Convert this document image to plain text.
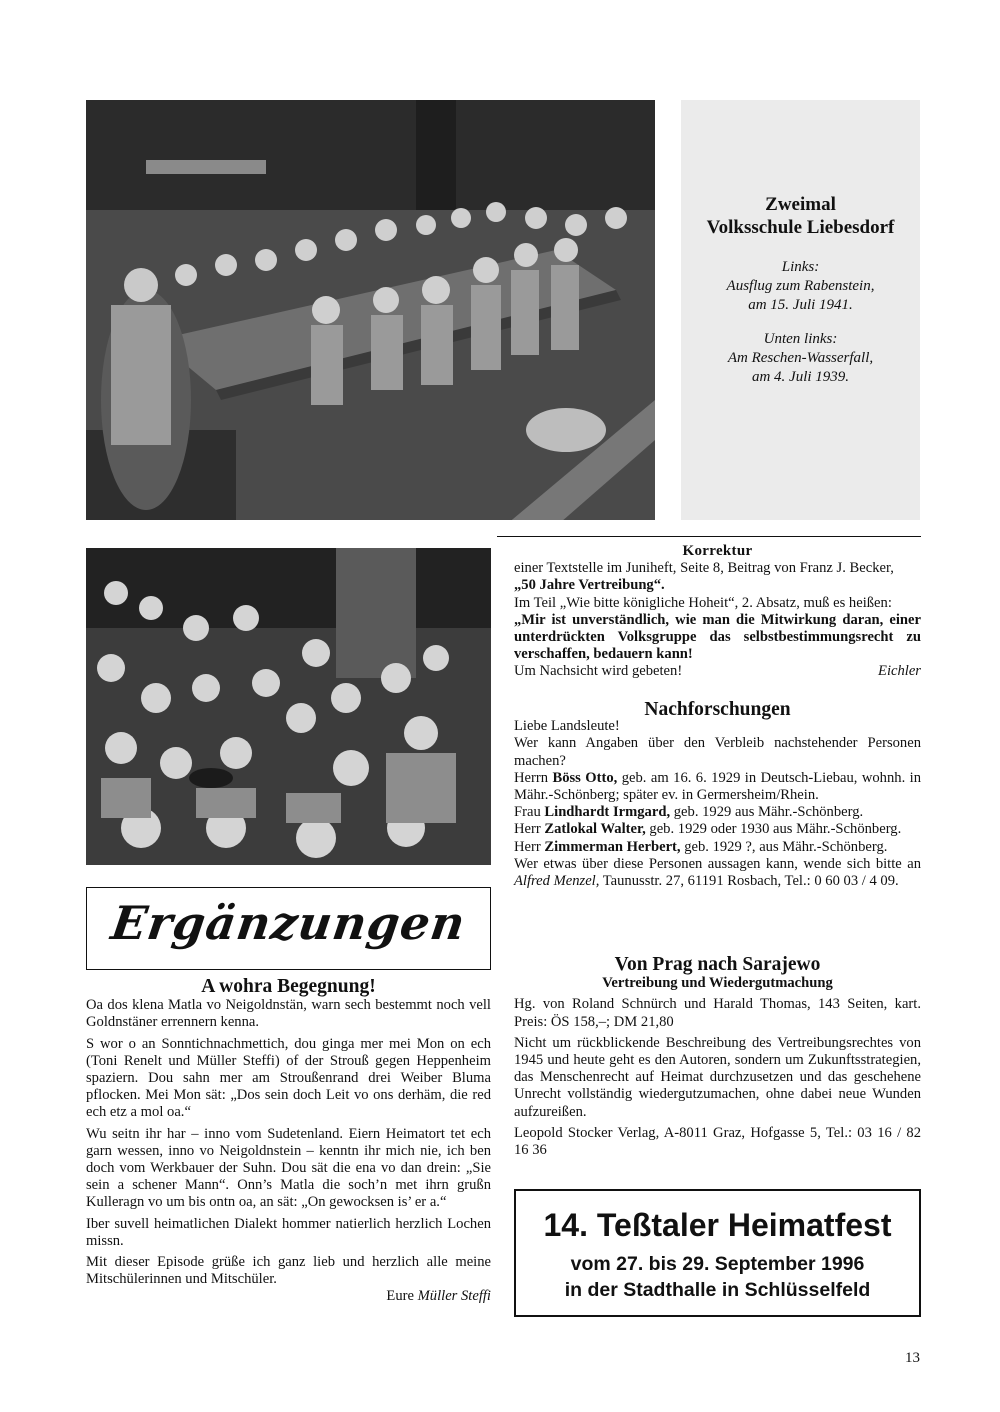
Zweimal
Volksschule Liebesdorf
Links:
Ausflug zum Rabenstein,
am 15. Juli 1941.
Unten links:
Am Reschen-Wasserfall,
am 4. Juli 1939.
Korrektur
einer Textstelle im Juniheft, Seite 8, Beitrag von Franz J. Becker,
„50 Jahre Vertreibung“.
Im Teil „Wie bitte königliche Hoheit“, 2. Absatz, muß es heißen:
„Mir ist unverständlich, wie man die Mitwirkung daran, einer unterdrückten Volksgruppe das selbstbestimmungsrecht zu verschaffen, bedauern kann!
Um Nachsicht wird gebeten!	Eichler
Nachforschungen
Liebe Landsleute!
Wer kann Angaben über den Verbleib nachstehender Personen machen?
Herrn Böss Otto, geb. am 16. 6. 1929 in Deutsch-Liebau, wohnh. in Mähr.-Schönberg; später ev. in Germersheim/Rhein.
Frau Lindhardt Irmgard, geb. 1929 aus Mähr.-Schönberg.
Herr Zatlokal Walter, geb. 1929 oder 1930 aus Mähr.-Schönberg.
Herr Zimmerman Herbert, geb. 1929 ?, aus Mähr.-Schönberg.
Wer etwas über diese Personen aussagen kann, wende sich bitte an Alfred Menzel, Taunusstr. 27, 61191 Rosbach, Tel.: 0 60 03 / 4 09.
Von Prag nach Sarajewo
Vertreibung und Wiedergutmachung
Hg. von Roland Schnürch und Harald Thomas, 143 Seiten, kart. Preis: ÖS 158,–; DM 21,80
Nicht um rückblickende Beschreibung des Vertreibungsrechtes von 1945 und heute geht es den Autoren, sondern um Zukunftsstrategien, das Menschenrecht auf Heimat durchzusetzen und das geschehene Unrecht vollständig wiedergutzumachen, ohne dabei neue Wunden aufzureißen.
Leopold Stocker Verlag, A-8011 Graz, Hofgasse 5, Tel.: 03 16 / 82 16 36
Ergänzungen
A wohra Begegnung!
Oa dos klena Matla vo Neigoldnstän, warn sech bestemmt noch vell Goldnstäner errennern kenna.
S wor o an Sonntichnachmettich, dou ginga mer mei Mon on ech (Toni Renelt und Müller Steffi) of der Strouß gegen Heppenheim spaziern. Dou sahn mer am Stroußenrand drei Weiber Bluma pflocken. Mei Mon sät: „Dos sein doch Leit vo ons derhäm, die red ech etz a mol oa.“
Wu seitn ihr har – inno vom Sudetenland. Eiern Heimatort tet ech garn wessen, inno vo Neigoldnstein – kenntn ihr mich nie, ich ben doch vom Werkbauer der Suhn. Dou sät die ena vo dan drein: „Sie sein a schener Mann“. Onn’s Matla die soch’n met ihrn grußn Kulleragn vo um bis ontn oa, an sät: „On gewocksen is’ er a.“
Iber suvell heimatlichen Dialekt hommer natierlich herzlich Lochen missn.
Mit dieser Episode grüße ich ganz lieb und herzlich alle meine Mitschülerinnen und Mitschüler.
Eure Müller Steffi
14. Teßtaler Heimatfest
vom 27. bis 29. September 1996
in der Stadthalle in Schlüsselfeld
13
